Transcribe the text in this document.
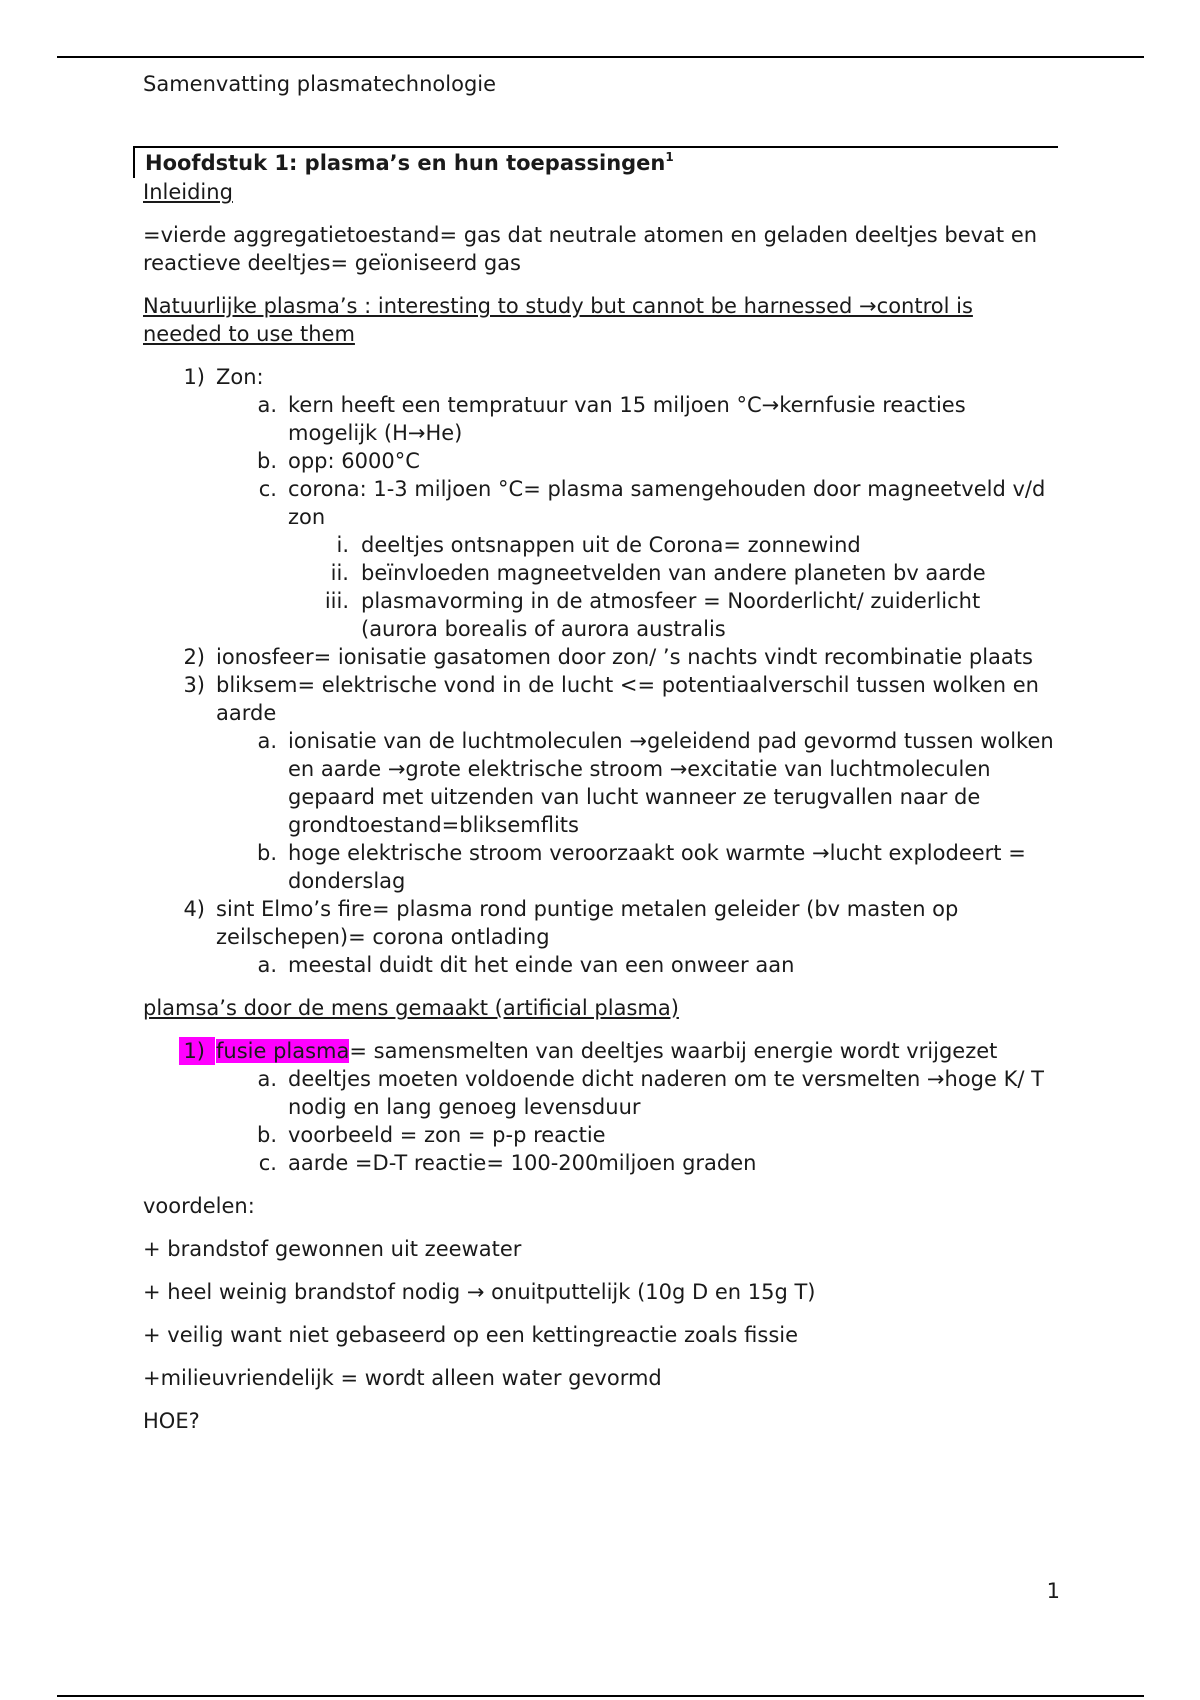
Samenvatting plasmatechnologie
Hoofdstuk 1: plasma’s en hun toepassingen$^1$

Inleiding

=vierde aggregatietoestand= gas dat neutrale atomen en geladen deeltjes bevat en reactieve deeltjes= geïoniseerd gas

Natuurlijke plasma’s : interesting to study but cannot be harnessed →control is needed to use them

1) Zon:
a. kern heeft een tempratuur van 15 miljoen °C→kernfusie reacties mogelijk (H→He)
b. opp: 6000°C
c. corona: 1-3 miljoen °C= plasma samengehouden door magneetveld v/d zon
i. deeltjes ontsnappen uit de Corona= zonnewind
ii. beïnvloeden magneetvelden van andere planeten bv aarde
iii. plasmavorming in de atmosfeer = Noorderlicht/ zuiderlicht (aurora borealis of aurora australis
2) ionosfeer= ionisatie gasatomen door zon/ ’s nachts vindt recombinatie plaats
3) bliksem= elektrische vond in de lucht <= potentiaalverschil tussen wolken en aarde
a. ionisatie van de luchtmoleculen →geleidend pad gevormd tussen wolken en aarde →grote elektrische stroom →excitatie van luchtmoleculen gepaard met uitzenden van lucht wanneer ze terugvallen naar de grondtoestand=bliksemflits
b. hoge elektrische stroom veroorzaakt ook warmte →lucht explodeert = donderslag
4) sint Elmo’s fire= plasma rond puntige metalen geleider (bv masten op zeilschepen)= corona ontlading
a. meestal duidt dit het einde van een onweer aan

plamsa’s door de mens gemaakt (artificial plasma)

1) fusie plasma= samensmelten van deeltjes waarbij energie wordt vrijgezet
a. deeltjes moeten voldoende dicht naderen om te versmelten →hoge K/ T nodig en lang genoeg levensduur
b. voorbeeld = zon = p-p reactie
c. aarde =D-T reactie= 100-200miljoen graden

voordelen:

+ brandstof gewonnen uit zeewater

+ heel weinig brandstof nodig → onuitputtelijk (10g D en 15g T)

+ veilig want niet gebaseerd op een kettingreactie zoals fissie

+milieuvriendelijk = wordt alleen water gevormd

HOE?

1
